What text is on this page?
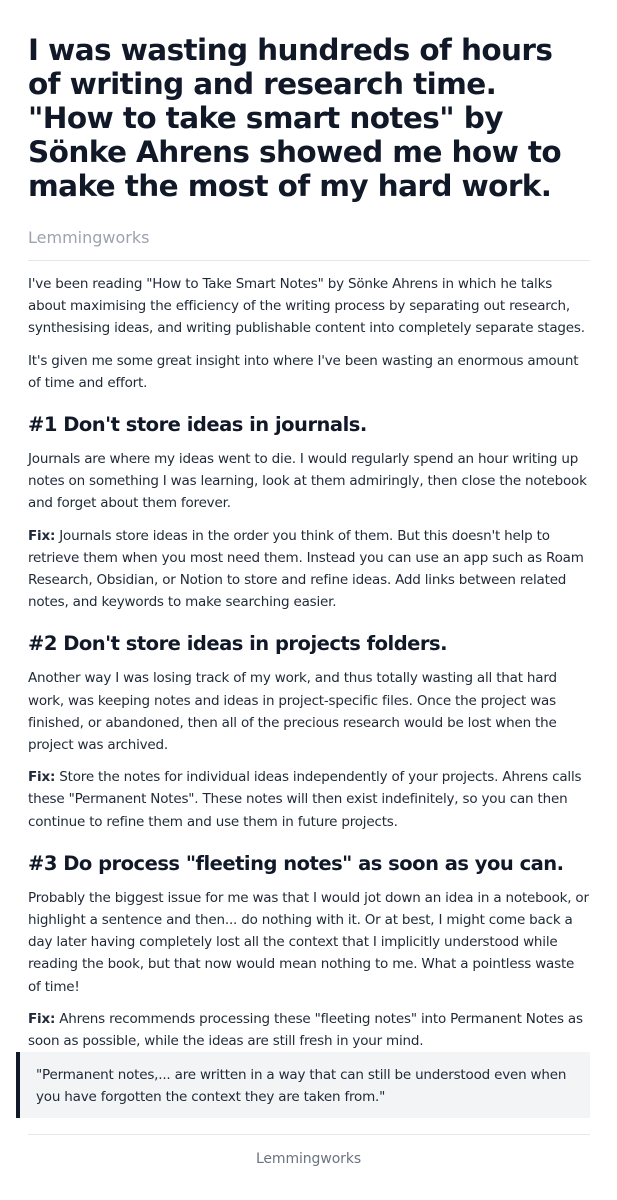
I was wasting hundreds of hours of writing and research time. "How to take smart notes" by Sönke Ahrens showed me how to make the most of my hard work.
Lemmingworks

I've been reading "How to Take Smart Notes" by Sönke Ahrens in which he talks about maximising the efficiency of the writing process by separating out research, synthesising ideas, and writing publishable content into completely separate stages.

It's given me some great insight into where I've been wasting an enormous amount of time and effort.

#1 Don't store ideas in journals.

Journals are where my ideas went to die. I would regularly spend an hour writing up notes on something I was learning, look at them admiringly, then close the notebook and forget about them forever.

Fix: Journals store ideas in the order you think of them. But this doesn't help to retrieve them when you most need them. Instead you can use an app such as Roam Research, Obsidian, or Notion to store and refine ideas. Add links between related notes, and keywords to make searching easier.

#2 Don't store ideas in projects folders.

Another way I was losing track of my work, and thus totally wasting all that hard work, was keeping notes and ideas in project-specific files. Once the project was finished, or abandoned, then all of the precious research would be lost when the project was archived.

Fix: Store the notes for individual ideas independently of your projects. Ahrens calls these "Permanent Notes". These notes will then exist indefinitely, so you can then continue to refine them and use them in future projects.

#3 Do process "fleeting notes" as soon as you can.

Probably the biggest issue for me was that I would jot down an idea in a notebook, or highlight a sentence and then... do nothing with it. Or at best, I might come back a day later having completely lost all the context that I implicitly understood while reading the book, but that now would mean nothing to me. What a pointless waste of time!

Fix: Ahrens recommends processing these "fleeting notes" into Permanent Notes as soon as possible, while the ideas are still fresh in your mind.

"Permanent notes,... are written in a way that can still be understood even when you have forgotten the context they are taken from."

Lemmingworks
